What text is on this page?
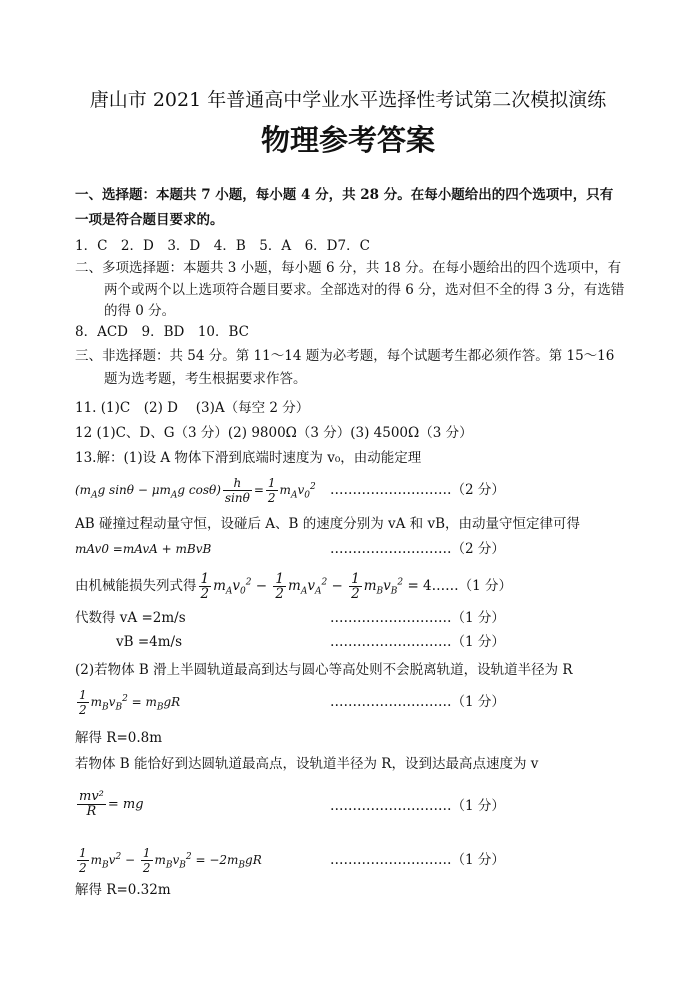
唐山市 2021 年普通高中学业水平选择性考试第二次模拟演练
物理参考答案
一、选择题：本题共 7 小题，每小题 4 分，共 28 分。在每小题给出的四个选项中，只有
一项是符合题目要求的。
1．C　2．D　3．D　4．B　5．A　6．D7．C
二、多项选择题：本题共 3 小题，每小题 6 分，共 18 分。在每小题给出的四个选项中，有
两个或两个以上选项符合题目要求。全部选对的得 6 分，选对但不全的得 3 分，有选错
的得 0 分。
8．ACD　9．BD　10．BC
三、非选择题：共 54 分。第 11～14 题为必考题，每个试题考生都必须作答。第 15～16
题为选考题，考生根据要求作答。
11. (1)C　(2) D　 (3)A（每空 2 分）
12 (1)C、D、G（3 分）(2) 9800Ω（3 分）(3) 4500Ω（3 分）
13.解：(1)设 A 物体下滑到底端时速度为 v₀，由动能定理
($m_Ag$ $\sin\theta - \mu m_Ag$ $\cos\theta) \frac{h}{\sin\theta} = \frac{1}{2} m_Av_0^2$ ………………………（2 分）
AB 碰撞过程动量守恒，设碰后 A、B 的速度分别为 vA 和 vB，由动量守恒定律可得
mAv0 =mAvA + mBvB	………………………（2 分）
由机械能损失列式得 $\frac{1}{2} m_Av_0^2 - \frac{1}{2} m_Av_A^2 - \frac{1}{2} m_Bv_B^2$ = 4……（1 分）
代数得 vA =2m/s	………………………（1 分）
vB =4m/s	………………………（1 分）
(2)若物体 B 滑上半圆轨道最高到达与圆心等高处则不会脱离轨道，设轨道半径为 R
$\frac{1}{2} m_Bv_B^2 = m_BgR$	………………………（1 分）
解得 R=0.8m
若物体 B 能恰好到达圆轨道最高点，设轨道半径为 R，设到达最高点速度为 v
$\frac{\text{mv²}}{R}$ = mg	………………………（1 分）
$\frac{1}{2} m_Bv^2 - \frac{1}{2} m_Bv_B^2 = -2m_BgR$	………………………（1 分）
解得 R=0.32m
